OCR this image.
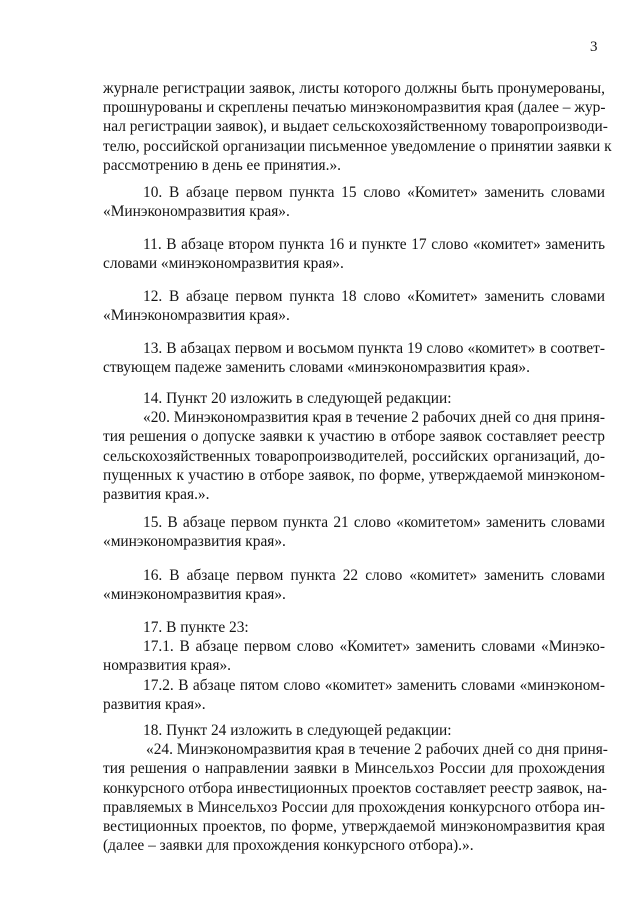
3
журнале регистрации заявок, листы которого должны быть пронумерованы,
прошнурованы и скреплены печатью минэкономразвития края (далее – жур-
нал регистрации заявок), и выдает сельскохозяйственному товаропроизводи-
телю, российской организации письменное уведомление о принятии заявки к
рассмотрению в день ее принятия.».
10. В абзаце первом пункта 15 слово «Комитет» заменить словами
«Минэкономразвития края».
11. В абзаце втором пункта 16 и пункте 17 слово «комитет» заменить
словами «минэкономразвития края».
12. В абзаце первом пункта 18 слово «Комитет» заменить словами
«Минэкономразвития края».
13. В абзацах первом и восьмом пункта 19 слово «комитет» в соответ-
ствующем падеже заменить словами «минэкономразвития края».
14. Пункт 20 изложить в следующей редакции:
«20. Минэкономразвития края в течение 2 рабочих дней со дня приня-
тия решения о допуске заявки к участию в отборе заявок составляет реестр
сельскохозяйственных товаропроизводителей, российских организаций, до-
пущенных к участию в отборе заявок, по форме, утверждаемой минэконом-
развития края.».
15. В абзаце первом пункта 21 слово «комитетом» заменить словами
«минэкономразвития края».
16. В абзаце первом пункта 22 слово «комитет» заменить словами
«минэкономразвития края».
17. В пункте 23:
17.1. В абзаце первом слово «Комитет» заменить словами «Минэко-
номразвития края».
17.2. В абзаце пятом слово «комитет» заменить словами «минэконом-
развития края».
18. Пункт 24 изложить в следующей редакции:
«24. Минэкономразвития края в течение 2 рабочих дней со дня приня-
тия решения о направлении заявки в Минсельхоз России для прохождения
конкурсного отбора инвестиционных проектов составляет реестр заявок, на-
правляемых в Минсельхоз России для прохождения конкурсного отбора ин-
вестиционных проектов, по форме, утверждаемой минэкономразвития края
(далее – заявки для прохождения конкурсного отбора).».
